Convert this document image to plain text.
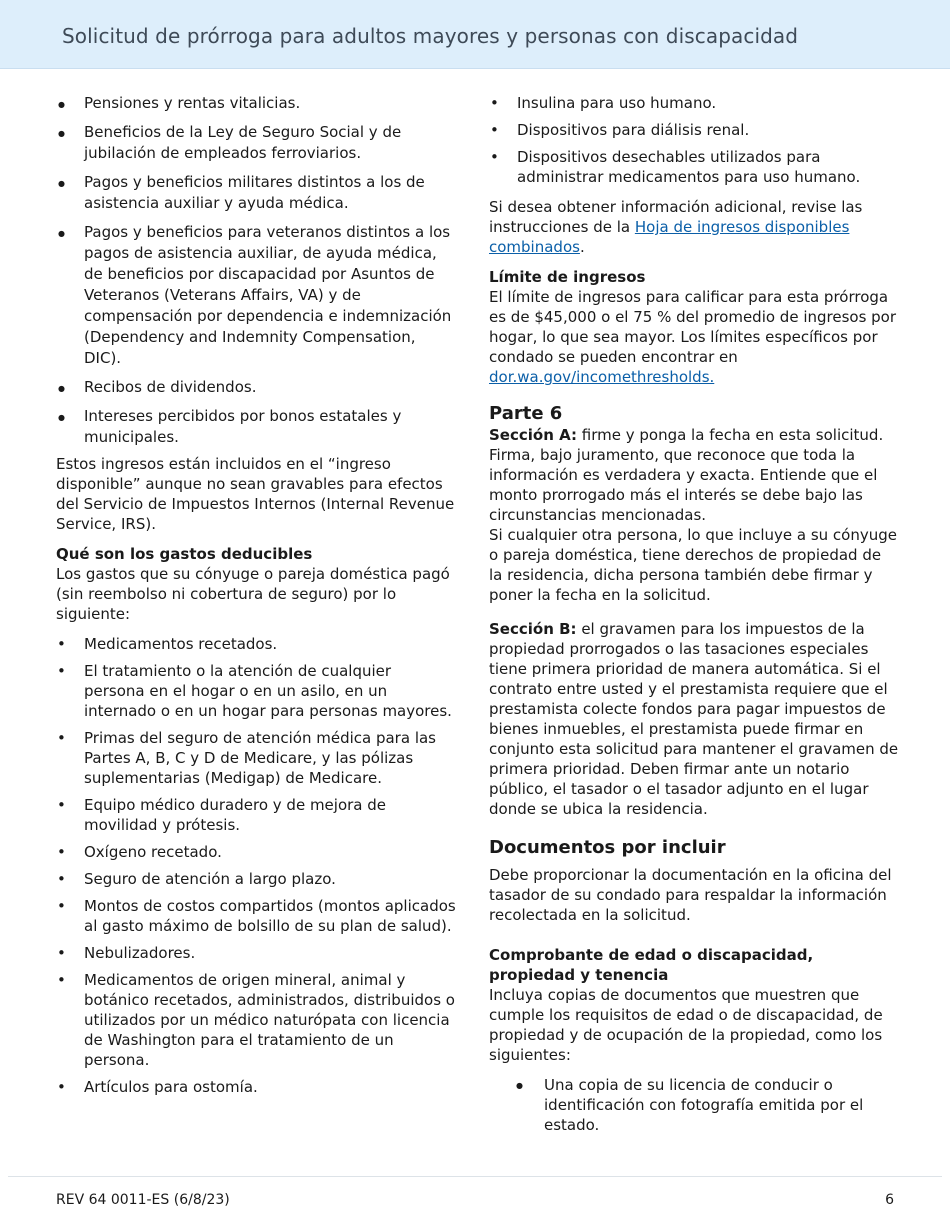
Solicitud de prórroga para adultos mayores y personas con discapacidad
● Pensiones y rentas vitalicias.
● Beneficios de la Ley de Seguro Social y de jubilación de empleados ferroviarios.
● Pagos y beneficios militares distintos a los de asistencia auxiliar y ayuda médica.
● Pagos y beneficios para veteranos distintos a los pagos de asistencia auxiliar, de ayuda médica, de beneficios por discapacidad por Asuntos de Veteranos (Veterans Affairs, VA) y de compensación por dependencia e indemnización (Dependency and Indemnity Compensation, DIC).
● Recibos de dividendos.
● Intereses percibidos por bonos estatales y municipales.

Estos ingresos están incluidos en el “ingreso disponible” aunque no sean gravables para efectos del Servicio de Impuestos Internos (Internal Revenue Service, IRS).

Qué son los gastos deducibles

Los gastos que su cónyuge o pareja doméstica pagó (sin reembolso ni cobertura de seguro) por lo siguiente:

• Medicamentos recetados.
• El tratamiento o la atención de cualquier persona en el hogar o en un asilo, en un internado o en un hogar para personas mayores.
• Primas del seguro de atención médica para las Partes A, B, C y D de Medicare, y las pólizas suplementarias (Medigap) de Medicare.
• Equipo médico duradero y de mejora de movilidad y prótesis.
• Oxígeno recetado.
• Seguro de atención a largo plazo.
• Montos de costos compartidos (montos aplicados al gasto máximo de bolsillo de su plan de salud).
• Nebulizadores.
• Medicamentos de origen mineral, animal y botánico recetados, administrados, distribuidos o utilizados por un médico naturópata con licencia de Washington para el tratamiento de un persona.
• Artículos para ostomía.
• Insulina para uso humano.
• Dispositivos para diálisis renal.
• Dispositivos desechables utilizados para administrar medicamentos para uso humano.

Si desea obtener información adicional, revise las instrucciones de la Hoja de ingresos disponibles combinados.

Límite de ingresos

El límite de ingresos para calificar para esta prórroga es de $45,000 o el 75 % del promedio de ingresos por hogar, lo que sea mayor. Los límites específicos por condado se pueden encontrar en dor.wa.gov/incomethresholds.

Parte 6
Sección A: firme y ponga la fecha en esta solicitud. Firma, bajo juramento, que reconoce que toda la información es verdadera y exacta. Entiende que el monto prorrogado más el interés se debe bajo las circunstancias mencionadas.

Si cualquier otra persona, lo que incluye a su cónyuge o pareja doméstica, tiene derechos de propiedad de la residencia, dicha persona también debe firmar y poner la fecha en la solicitud.

Sección B: el gravamen para los impuestos de la propiedad prorrogados o las tasaciones especiales tiene primera prioridad de manera automática. Si el contrato entre usted y el prestamista requiere que el prestamista colecte fondos para pagar impuestos de bienes inmuebles, el prestamista puede firmar en conjunto esta solicitud para mantener el gravamen de primera prioridad. Deben firmar ante un notario público, el tasador o el tasador adjunto en el lugar donde se ubica la residencia.

Documentos por incluir

Debe proporcionar la documentación en la oficina del tasador de su condado para respaldar la información recolectada en la solicitud.

Comprobante de edad o discapacidad, propiedad y tenencia

Incluya copias de documentos que muestren que cumple los requisitos de edad o de discapacidad, de propiedad y de ocupación de la propiedad, como los siguientes:

● Una copia de su licencia de conducir o identificación con fotografía emitida por el estado.
REV 64 0011-ES (6/8/23)	6
